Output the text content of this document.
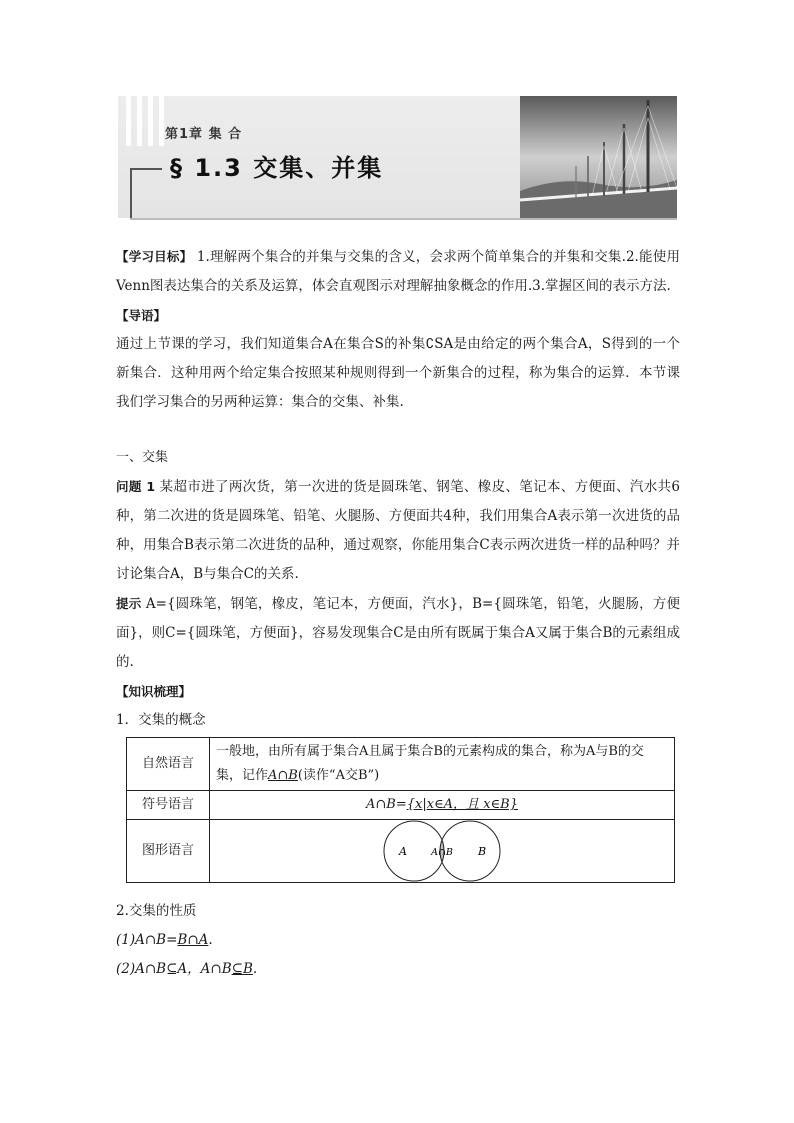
第1章 集 合
§ 1.3 交集、并集

【学习目标】 1.理解两个集合的并集与交集的含义，会求两个简单集合的并集和交集.2.能使用Venn图表达集合的关系及运算，体会直观图示对理解抽象概念的作用.3.掌握区间的表示方法.

【导语】

通过上节课的学习，我们知道集合A在集合S的补集∁SA是由给定的两个集合A，S得到的一个新集合．这种用两个给定集合按照某种规则得到一个新集合的过程，称为集合的运算．本节课我们学习集合的另两种运算：集合的交集、补集.

一、交集

问题 1 某超市进了两次货，第一次进的货是圆珠笔、钢笔、橡皮、笔记本、方便面、汽水共6种，第二次进的货是圆珠笔、铅笔、火腿肠、方便面共4种，我们用集合A表示第一次进货的品种，用集合B表示第二次进货的品种，通过观察，你能用集合C表示两次进货一样的品种吗？并讨论集合A，B与集合C的关系.

提示 A={圆珠笔，钢笔，橡皮，笔记本，方便面，汽水}，B={圆珠笔，铅笔，火腿肠，方便面}，则C={圆珠笔，方便面}，容易发现集合C是由所有既属于集合A又属于集合B的元素组成的.

【知识梳理】

1．交集的概念

自然语言	一般地，由所有属于集合A且属于集合B的元素构成的集合，称为A与B的交集，记作A∩B(读作“A交B”)
符号语言	A∩B={x|x∈A，且 x∈B}
图形语言	A A∩B B

2.交集的性质

(1)A∩B=B∩A.

(2)A∩B⊆A，A∩B⊆B.
